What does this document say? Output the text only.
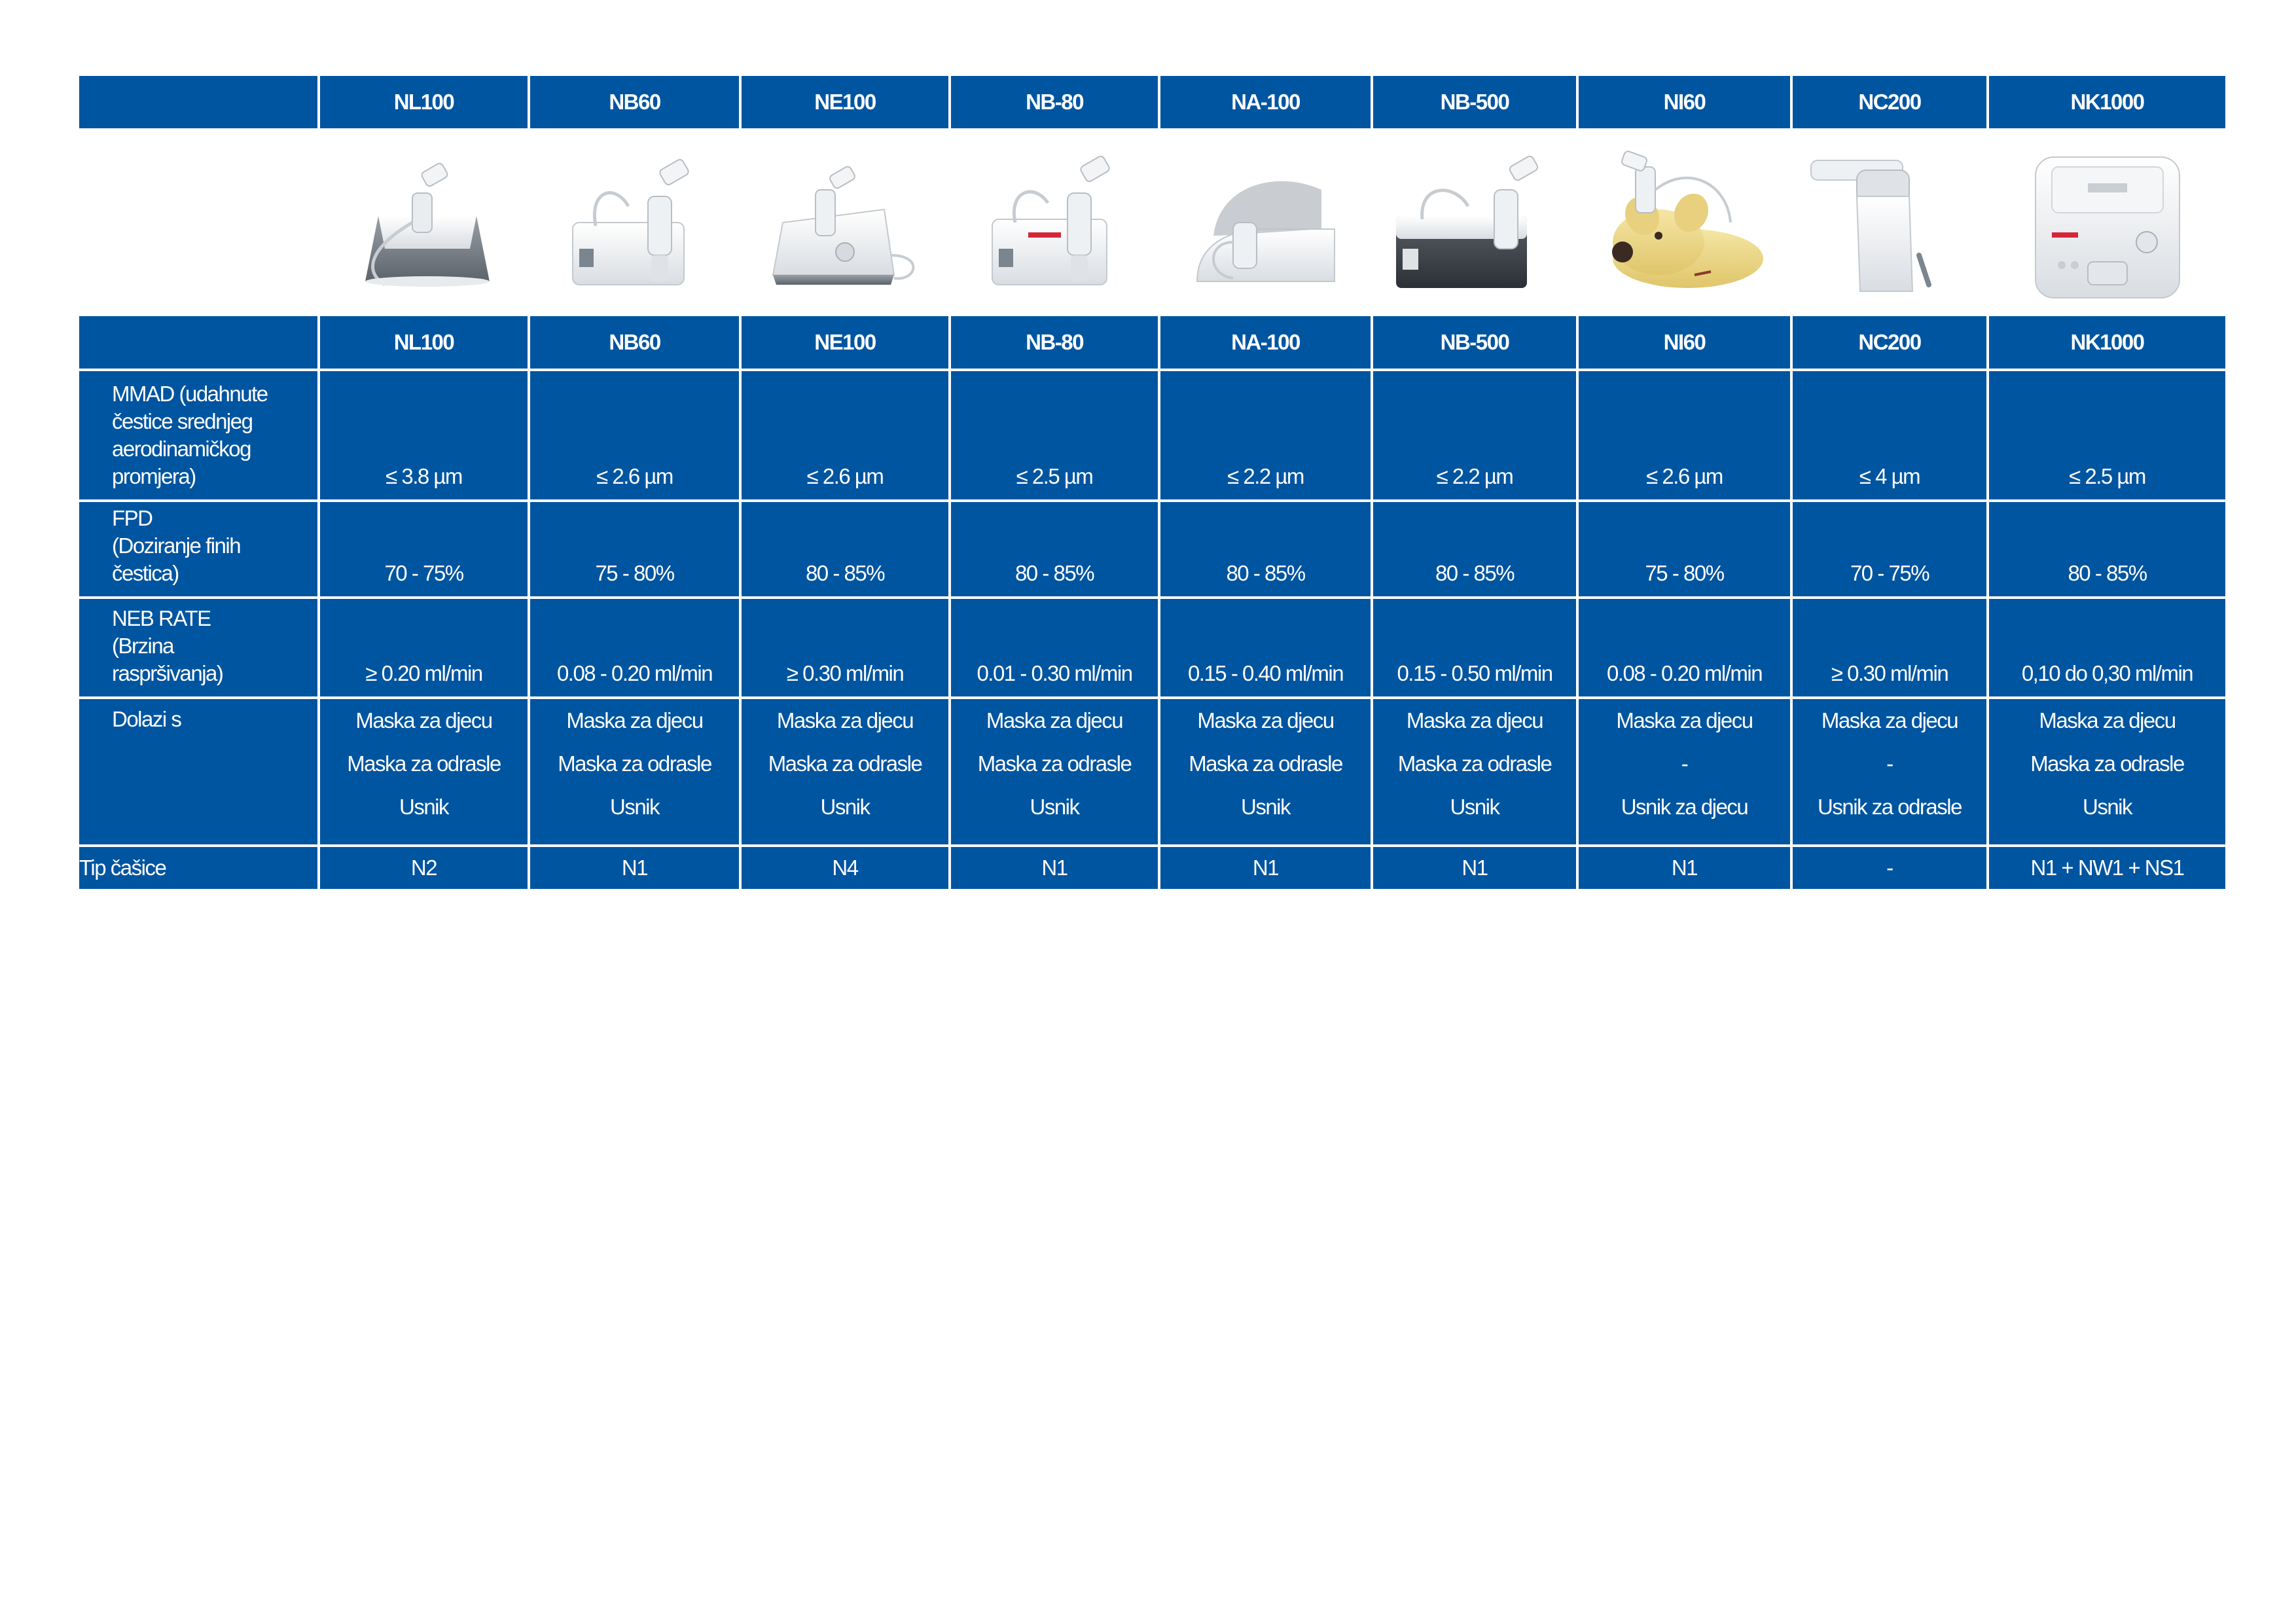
	NL100	NB60	NE100	NB-80	NA-100	NB-500	NI60	NC200	NK1000

	NL100	NB60	NE100	NB-80	NA-100	NB-500	NI60	NC200	NK1000

MMAD (udahnute
čestice srednjeg
aerodinamičkog
promjera)	≤ 3.8 µm	≤ 2.6 µm	≤ 2.6 µm	≤ 2.5 µm	≤ 2.2 µm	≤ 2.2 µm	≤ 2.6 µm	≤ 4 µm	≤ 2.5 µm

FPD
(Doziranje finih
čestica)	70 - 75%	75 - 80%	80 - 85%	80 - 85%	80 - 85%	80 - 85%	75 - 80%	70 - 75%	80 - 85%

NEB RATE
(Brzina
raspršivanja)	≥ 0.20 ml/min	0.08 - 0.20 ml/min	≥ 0.30 ml/min	0.01 - 0.30 ml/min	0.15 - 0.40 ml/min	0.15 - 0.50 ml/min	0.08 - 0.20 ml/min	≥ 0.30 ml/min	0,10 do 0,30 ml/min
Dolazi s	Maska za djecu
Maska za odrasle
Usnik	Maska za djecu
Maska za odrasle
Usnik	Maska za djecu
Maska za odrasle
Usnik	Maska za djecu
Maska za odrasle
Usnik	Maska za djecu
Maska za odrasle
Usnik	Maska za djecu
Maska za odrasle
Usnik	Maska za djecu
-
Usnik za djecu	Maska za djecu
-
Usnik za odrasle	Maska za djecu
Maska za odrasle
Usnik

Tip čašice	N2	N1	N4	N1	N1	N1	N1	-	N1 + NW1 + NS1
